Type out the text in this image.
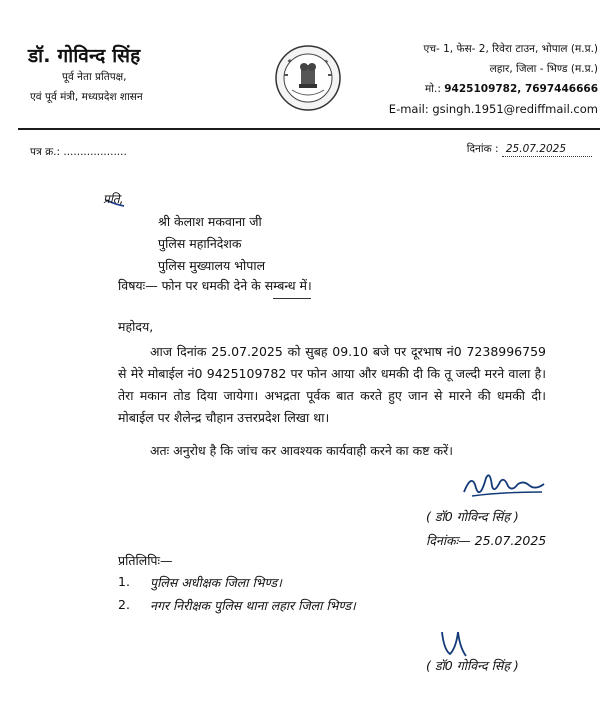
डॉ. गोविन्द सिंह
पूर्व नेता प्रतिपक्ष,
एवं पूर्व मंत्री, मध्यप्रदेश शासन
एच- 1, फेस- 2, रिवेरा टाउन, भोपाल (म.प्र.)
लहार, जिला - भिण्ड (म.प्र.)
मो.: 9425109782, 7697446666
E-mail: gsingh.1951@rediffmail.com
पत्र क्र.: ...................	दिनांक : 25.07.2025
प्रति,
श्री केलाश मकवाना जी
पुलिस महानिदेशक
पुलिस मुख्यालय भोपाल
विषयः— फोन पर धमकी देने के सम्बन्ध में।
महोदय,
आज दिनांक 25.07.2025 को सुबह 09.10 बजे पर दूरभाष नं0 7238996759 से मेरे मोबाईल नं0 9425109782 पर फोन आया और धमकी दी कि तू जल्दी मरने वाला है। तेरा मकान तोड दिया जायेगा। अभद्रता पूर्वक बात करते हुए जान से मारने की धमकी दी। मोबाईल पर शैलेन्द्र चौहान उत्तरप्रदेश लिखा था।
अतः अनुरोध है कि जांच कर आवश्यक कार्यवाही करने का कष्ट करें।
( डॉ0 गोविन्द सिंह )
दिनांकः— 25.07.2025
प्रतिलिपिः—
1. पुलिस अधीक्षक जिला भिण्ड।
2. नगर निरीक्षक पुलिस थाना लहार जिला भिण्ड।
( डॉ0 गोविन्द सिंह )
